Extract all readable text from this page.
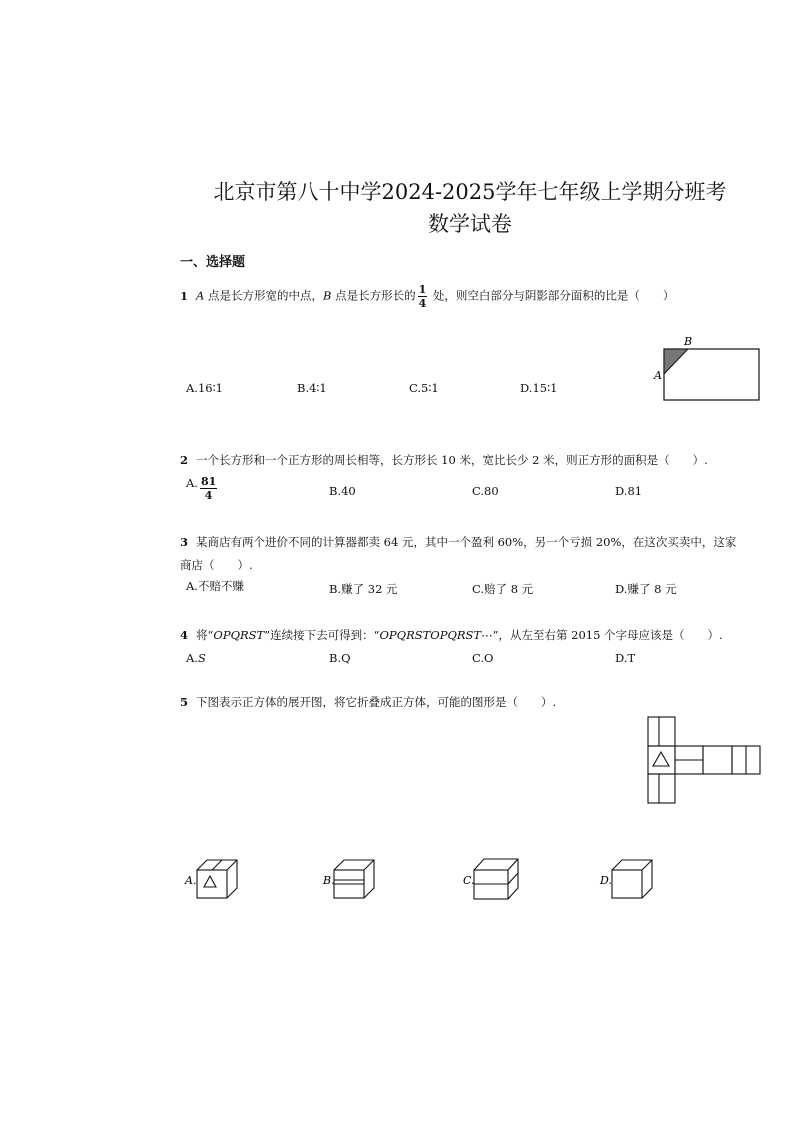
北京市第八十中学2024-2025学年七年级上学期分班考
数学试卷
一、选择题
1 A 点是长方形宽的中点，B 点是长方形长的 $\frac{1}{4}$ 处，则空白部分与阴影部分面积的比是（　　）
B
A
A.16∶1	B.4∶1	C.5∶1	D.15∶1
2 一个长方形和一个正方形的周长相等，长方形长 10 米，宽比长少 2 米，则正方形的面积是（　　）.
A. $\frac{81}{4}$	B.40	C.80	D.81
3 某商店有两个进价不同的计算器都卖 64 元，其中一个盈利 60%，另一个亏损 20%，在这次买卖中，这家
商店（　　）.
A.不赔不赚	B.赚了 32 元	C.赔了 8 元	D.赚了 8 元
4 将“OPQRST”连续接下去可得到：“OPQRSTOPQRST⋯”，从左至右第 2015 个字母应该是（　　）.
A.S	B.Q	C.O	D.T
5 下图表示正方体的展开图，将它折叠成正方体，可能的图形是（　　）.
A.	B.	C.	D.
